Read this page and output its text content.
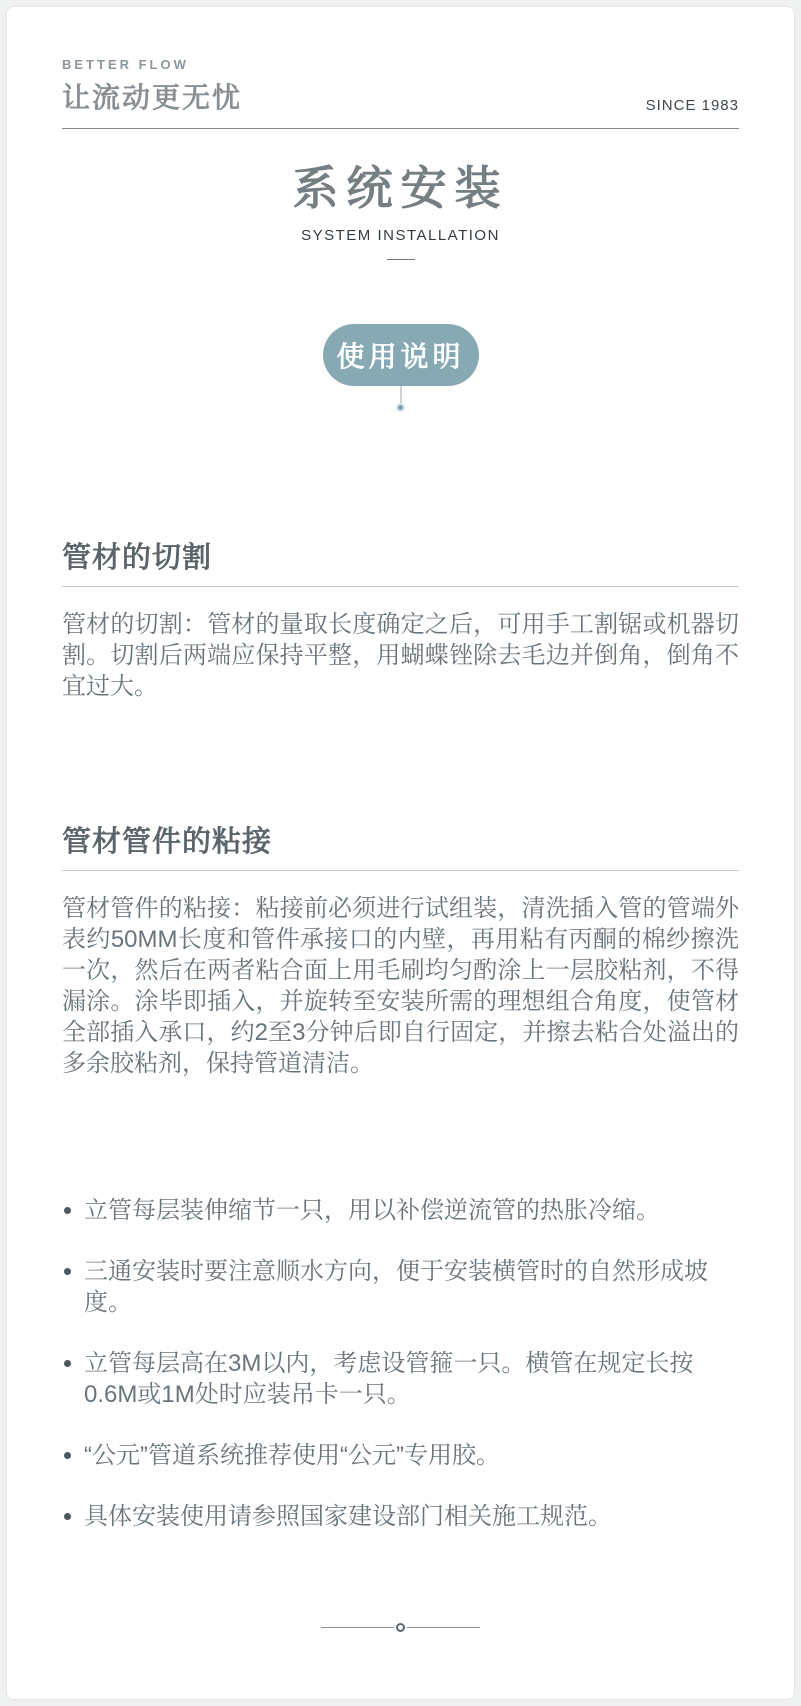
BETTER FLOW
让流动更无忧	SINCE 1983
系统安装
SYSTEM INSTALLATION
使用说明
管材的切割
管材的切割：管材的量取长度确定之后，可用手工割锯或机器切割。切割后两端应保持平整，用蝴蝶锉除去毛边并倒角，倒角不宜过大。
管材管件的粘接
管材管件的粘接：粘接前必须进行试组装，清洗插入管的管端外表约50MM长度和管件承接口的内壁，再用粘有丙酮的棉纱擦洗一次，然后在两者粘合面上用毛刷均匀酌涂上一层胶粘剂，不得漏涂。涂毕即插入，并旋转至安装所需的理想组合角度，使管材全部插入承口，约2至3分钟后即自行固定，并擦去粘合处溢出的多余胶粘剂，保持管道清洁。
立管每层装伸缩节一只，用以补偿逆流管的热胀冷缩。
三通安装时要注意顺水方向，便于安装横管时的自然形成坡度。
立管每层高在3M以内，考虑设管箍一只。横管在规定长按0.6M或1M处时应装吊卡一只。
“公元”管道系统推荐使用“公元”专用胶。
具体安装使用请参照国家建设部门相关施工规范。
